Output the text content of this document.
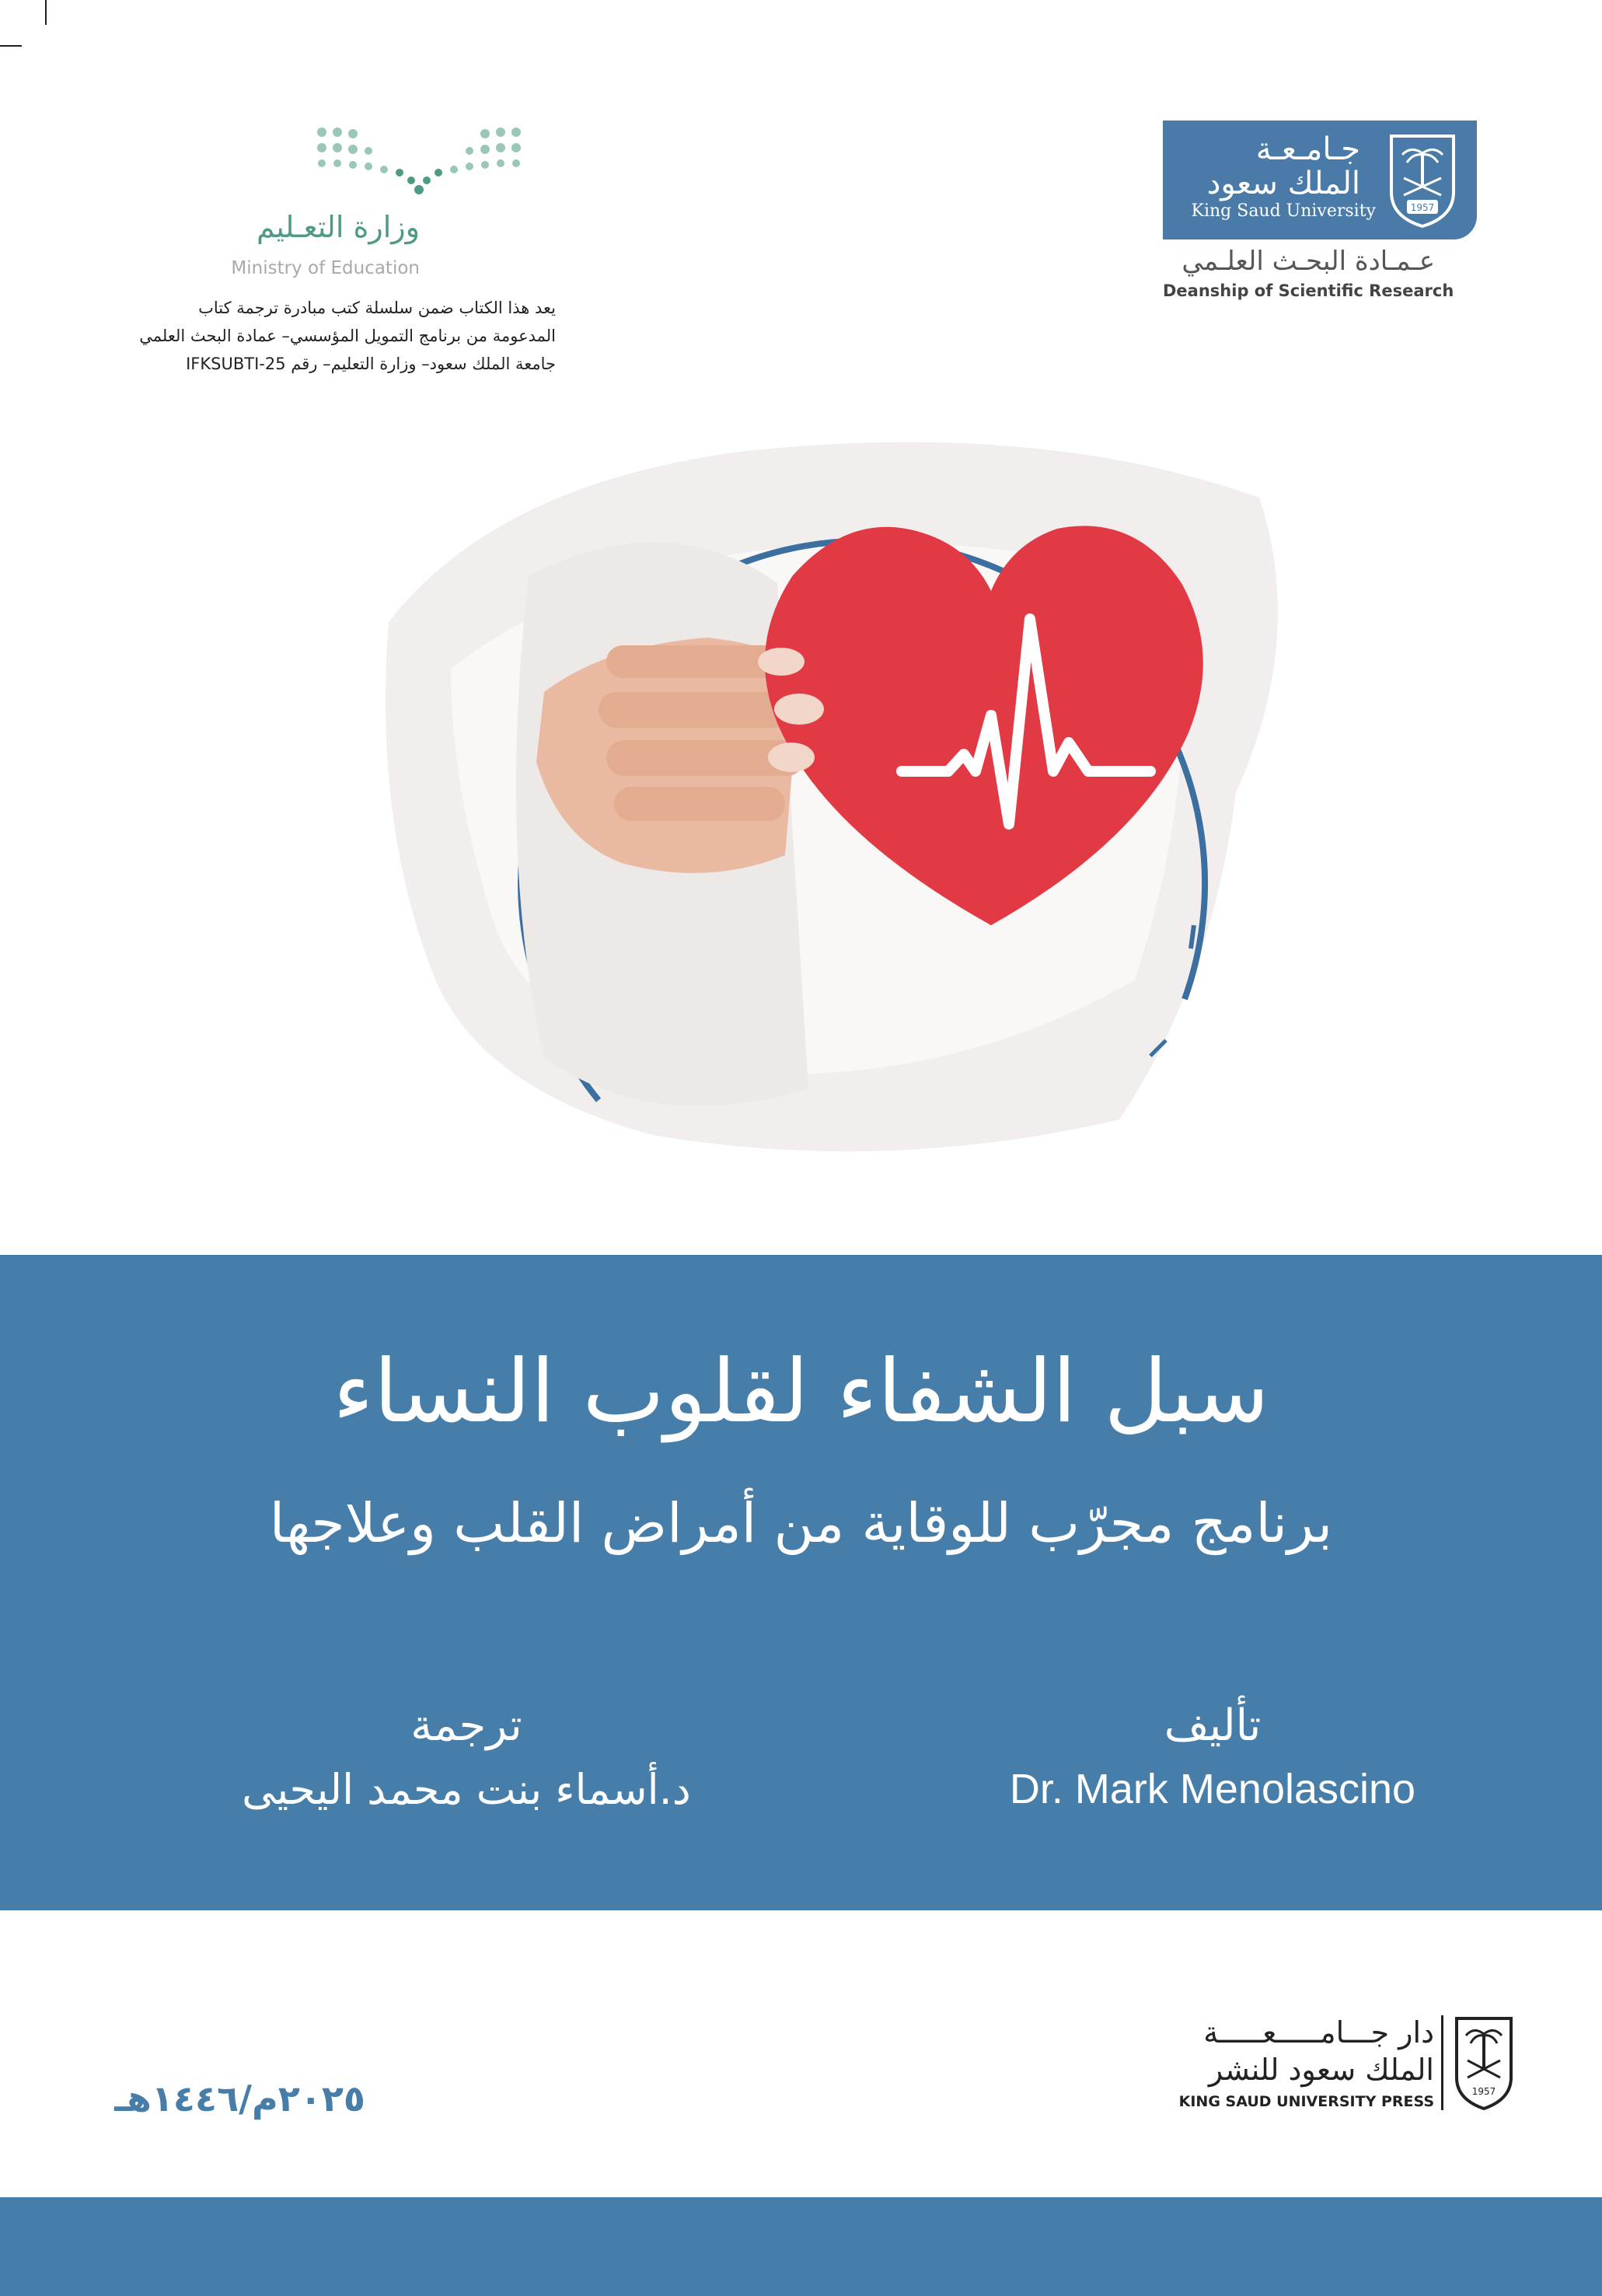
جـامـعـة
الملك سعود
King Saud University	1957
عـمـادة البحـث العلـمي
Deanship of Scientific Research
وزارة التعـليم
Ministry of Education
يعد هذا الكتاب ضمن سلسلة كتب مبادرة ترجمة كتاب
المدعومة من برنامج التمويل المؤسسي– عمادة البحث العلمي
جامعة الملك سعود– وزارة التعليم– رقم IFKSUBTI-25
سبل الشفاء لقلوب النساء
برنامج مجرّب للوقاية من أمراض القلب وعلاجها
تأليف
Dr. Mark Menolascino
ترجمة
د.أسماء بنت محمد اليحيى
دار جـــامـــــعـــــة
الملك سعود للنشر
KING SAUD UNIVERSITY PRESS
1957
٢٠٢٥م/١٤٤٦هـ
